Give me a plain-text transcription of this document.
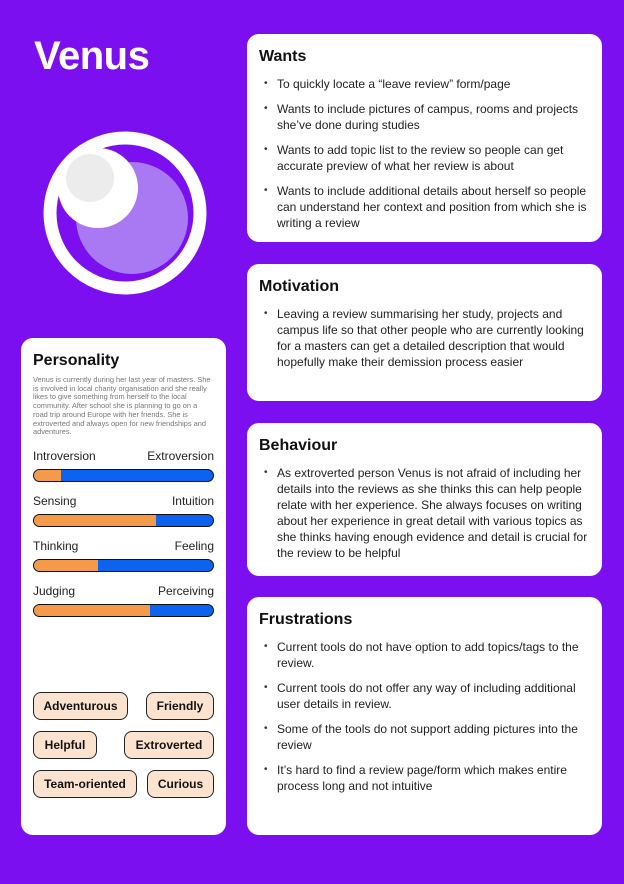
Venus	Wants
• To quickly locate a “leave review” form/page
• Wants to include pictures of campus, rooms and projects she’ve done during studies
• Wants to add topic list to the review so people can get accurate preview of what her review is about
• Wants to include additional details about herself so people can understand her context and position from which she is writing a review
Motivation
• Leaving a review summarising her study, projects and campus life so that other people who are currently looking for a masters can get a detailed description that would hopefully make their demission process easier
Behaviour
• As extroverted person Venus is not afraid of including her details into the reviews as she thinks this can help people relate with her experience. She always focuses on writing about her experience in great detail with various topics as she thinks having enough evidence and detail is crucial for the review to be helpful
Frustrations
• Current tools do not have option to add topics/tags to the review.
• Current tools do not offer any way of including additional user details in review.
• Some of the tools do not support adding pictures into the review
• It’s hard to find a review page/form which makes entire process long and not intuitive
Personality
Venus is currently during her last year of masters. She is involved in local charity organisation and she really likes to give something from herself to the local community. After school she is planning to go on a road trip around Europe with her friends. She is extroverted and always open for new friendships and adventures.
Introversion	Extroversion
Sensing	Intuition
Thinking	Feeling
Judging	Perceiving
Adventurous	Friendly
Helpful	Extroverted
Team-oriented	Curious
